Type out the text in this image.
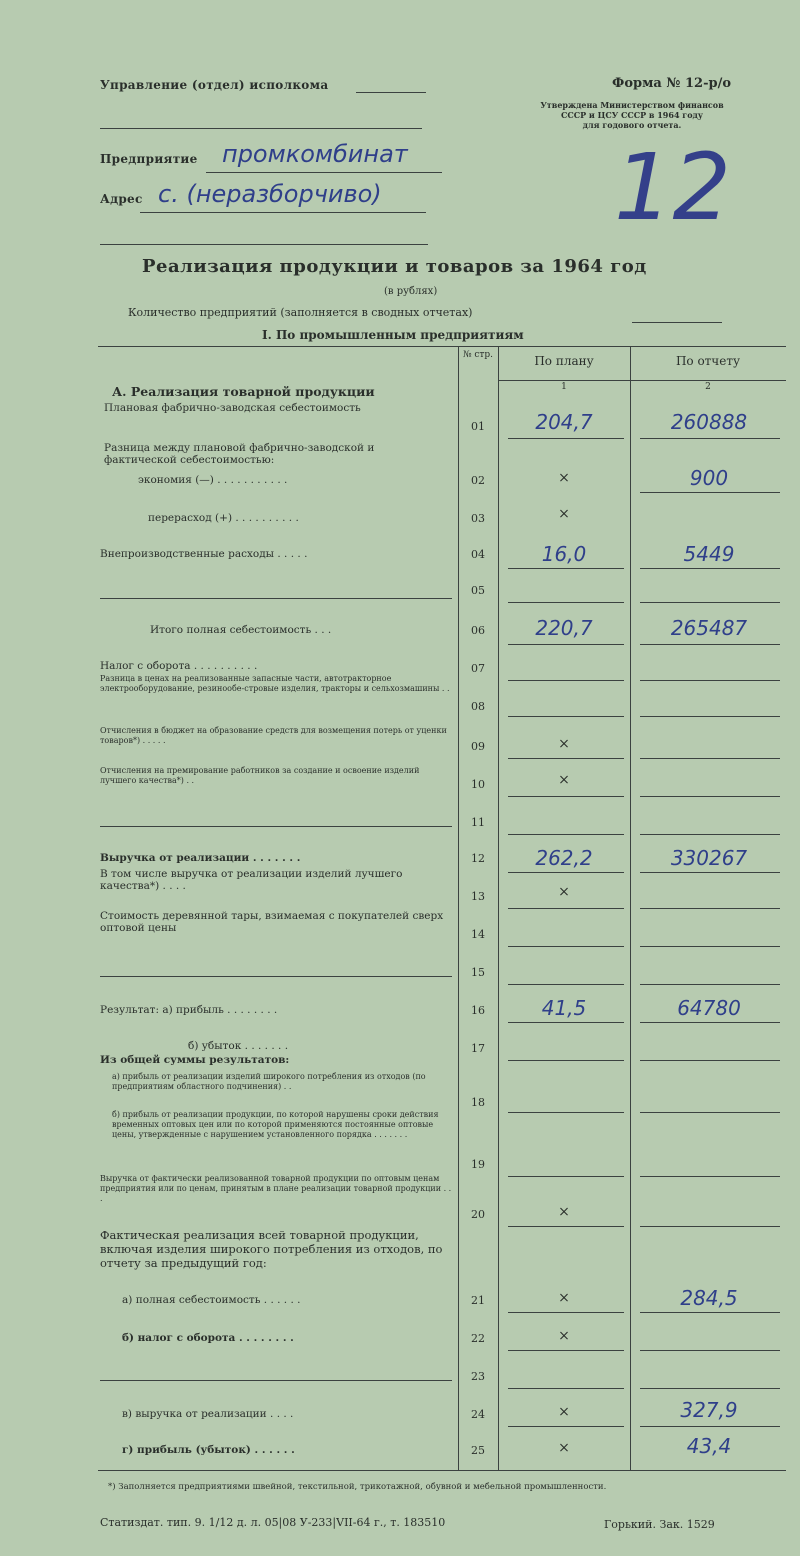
Управление (отдел) исполкома	Форма № 12-р/о
Утверждена Министерством финансов
СССР и ЦСУ СССР в 1964 году
для годового отчета.
Предприятие промкомбинат
Адрес с. (неразборчиво)	12
Реализация продукции и товаров за 1964 год
(в рублях)
Количество предприятий (заполняется в сводных отчетах)
I. По промышленным предприятиям
№ стр.	По плану	По отчету
1	2
А. Реализация товарной продукции
Плановая фабрично-заводская себестоимость
01	204,7	260888
Разница между плановой фабрично-заводской и фактической себестоимостью:
экономия (—) . . . . . . . . . . .	02	×	900
перерасход (+) . . . . . . . . . .	03	×
Внепроизводственные расходы . . . . .	04	16,0	5449
05
Итого полная себестоимость . . .	06	220,7	265487
Налог с оборота . . . . . . . . . .	07
Разница в ценах на реализованные запасные части, автотракторное электрооборудование, резинообе-стровые изделия, тракторы и сельхозмашины . .
08
Отчисления в бюджет на образование средств для возмещения потерь от уценки товаров*) . . . . .	09	×
Отчисления на премирование работников за создание и освоение изделий лучшего качества*) . .	10	×
11
Выручка от реализации . . . . . . .	12	262,2	330267
В том числе выручка от реализации изделий лучшего качества*) . . . .
13	×
Стоимость деревянной тары, взимаемая с покупателей сверх оптовой цены	14
15
Результат: а) прибыль . . . . . . . .	16	41,5	64780
б) убыток . . . . . . .	17
Из общей суммы результатов:
а) прибыль от реализации изделий широкого потребления из отходов (по предприятиям областного подчинения) . .
18
б) прибыль от реализации продукции, по которой нарушены сроки действия временных оптовых цен или по которой применяются постоянные оптовые цены, утвержденные с нарушением установленного порядка . . . . . . .
19
Выручка от фактически реализованной товарной продукции по оптовым ценам предприятия или по ценам, принятым в плане реализации товарной продукции . . .
20	×
Фактическая реализация всей товарной продукции, включая изделия широкого потребления из отходов, по отчету за предыдущий год:
а) полная себестоимость . . . . . .	21	×	284,5
б) налог с оборота . . . . . . . .	22	×
23
в) выручка от реализации . . . .	24	×	327,9
г) прибыль (убыток) . . . . . .	25	×	43,4
*) Заполняется предприятиями швейной, текстильной, трикотажной, обувной и мебельной промышленности.
Статиздат. тип. 9. 1/12 д. л. 05|08 У-233|VII-64 г., т. 183510	Горький. Зак. 1529
